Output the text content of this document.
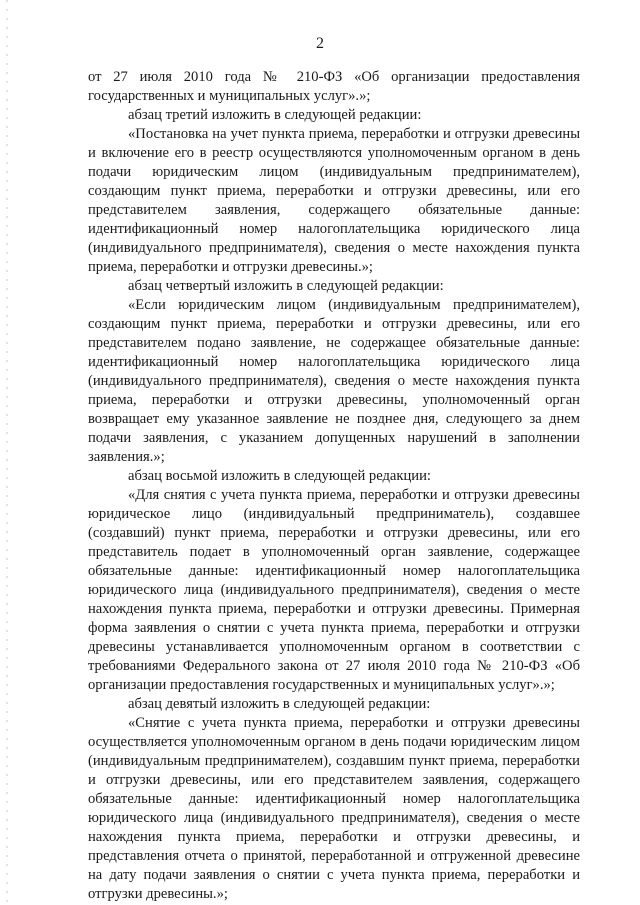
2

от 27 июля 2010 года № 210-ФЗ «Об организации предоставления государственных и муниципальных услуг».»;

абзац третий изложить в следующей редакции:

«Постановка на учет пункта приема, переработки и отгрузки древесины и включение его в реестр осуществляются уполномоченным органом в день подачи юридическим лицом (индивидуальным предпринимателем), создающим пункт приема, переработки и отгрузки древесины, или его представителем заявления, содержащего обязательные данные: идентификационный номер налогоплательщика юридического лица (индивидуального предпринимателя), сведения о месте нахождения пункта приема, переработки и отгрузки древесины.»;

абзац четвертый изложить в следующей редакции:

«Если юридическим лицом (индивидуальным предпринимателем), создающим пункт приема, переработки и отгрузки древесины, или его представителем подано заявление, не содержащее обязательные данные: идентификационный номер налогоплательщика юридического лица (индивидуального предпринимателя), сведения о месте нахождения пункта приема, переработки и отгрузки древесины, уполномоченный орган возвращает ему указанное заявление не позднее дня, следующего за днем подачи заявления, с указанием допущенных нарушений в заполнении заявления.»;

абзац восьмой изложить в следующей редакции:

«Для снятия с учета пункта приема, переработки и отгрузки древесины юридическое лицо (индивидуальный предприниматель), создавшее (создавший) пункт приема, переработки и отгрузки древесины, или его представитель подает в уполномоченный орган заявление, содержащее обязательные данные: идентификационный номер налогоплательщика юридического лица (индивидуального предпринимателя), сведения о месте нахождения пункта приема, переработки и отгрузки древесины. Примерная форма заявления о снятии с учета пункта приема, переработки и отгрузки древесины устанавливается уполномоченным органом в соответствии с требованиями Федерального закона от 27 июля 2010 года № 210-ФЗ «Об организации предоставления государственных и муниципальных услуг».»;

абзац девятый изложить в следующей редакции:

«Снятие с учета пункта приема, переработки и отгрузки древесины осуществляется уполномоченным органом в день подачи юридическим лицом (индивидуальным предпринимателем), создавшим пункт приема, переработки и отгрузки древесины, или его представителем заявления, содержащего обязательные данные: идентификационный номер налогоплательщика юридического лица (индивидуального предпринимателя), сведения о месте нахождения пункта приема, переработки и отгрузки древесины, и представления отчета о принятой, переработанной и отгруженной древесине на дату подачи заявления о снятии с учета пункта приема, переработки и отгрузки древесины.»;
